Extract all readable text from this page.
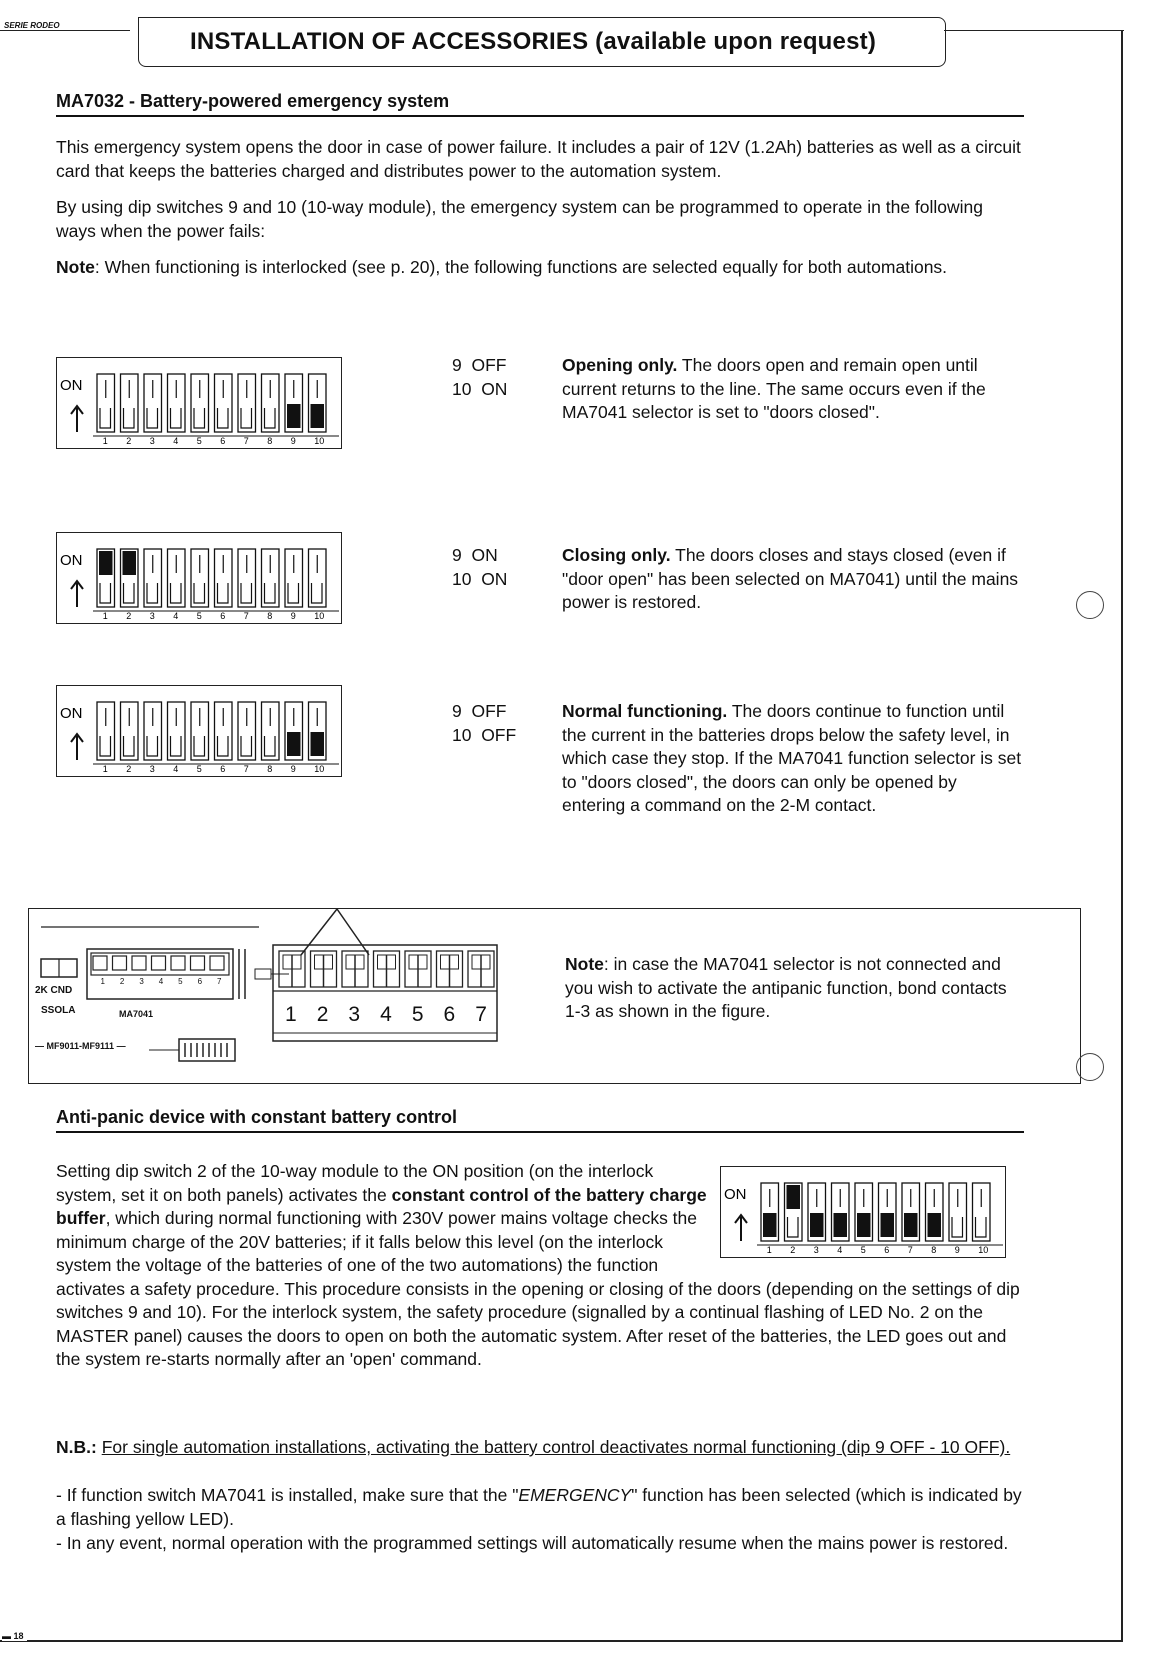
SERIE RODEO
INSTALLATION OF ACCESSORIES (available upon request)
MA7032 - Battery-powered emergency system
This emergency system opens the door in case of power failure. It includes a pair of 12V (1.2Ah) batteries as well as a circuit card that keeps the batteries charged and distributes power to the automation system.
By using dip switches 9 and 10 (10-way module), the emergency system can be programmed to operate in the following ways when the power fails:
Note: When functioning is interlocked (see p. 20), the following functions are selected equally for both automations.
ON
1 2 3 4 5 6 7 8 9 10
ON
1 2 3 4 5 6 7 8 9 10
ON
1 2 3 4 5 6 7 8 9 10
9  OFF
10  ON
Opening only. The doors open and remain open until current returns to the line. The same occurs even if the MA7041 selector is set to "doors closed".
9  ON
10  ON
Closing only. The doors closes and stays closed (even if "door open" has been selected on MA7041) until the mains power is restored.
9  OFF
10  OFF
Normal functioning. The doors continue to function until the current in the batteries drops below the safety level, in which case they stop. If the MA7041 function selector is set to "doors closed", the doors can only be opened by entering a command on the 2-M contact.
2K CND
SSOLA	MA7041
— MF9011-MF9111 —
1 2 3 4 5 6 7
1 2 3 4 5 6 7
Note: in case the MA7041 selector is not connected and you wish to activate the antipanic function, bond contacts 1-3 as shown in the figure.
Anti-panic device with constant battery control
ON
1 2 3 4 5 6 7 8 9 10
Setting dip switch 2 of the 10-way module to the ON position (on the interlock system, set it on both panels) activates the constant control of the battery charge buffer, which during normal functioning with 230V power mains voltage checks the minimum charge of the 20V batteries; if it falls below this level (on the interlock system the voltage of the batteries of one of the two automations) the function activates a safety procedure. This procedure consists in the opening or closing of the doors (depending on the settings of dip switches 9 and 10). For the interlock system, the safety procedure (signalled by a continual flashing of LED No. 2 on the MASTER panel) causes the doors to open on both the automatic system. After reset of the batteries, the LED goes out and the system re-starts normally after an 'open' command.
N.B.: For single automation installations, activating the battery control deactivates normal functioning (dip 9 OFF - 10 OFF).
- If function switch MA7041 is installed, make sure that the "EMERGENCY" function has been selected (which is indicated by a flashing yellow LED).
- In any event, normal operation with the programmed settings will automatically resume when the mains power is restored.
▬ 18
